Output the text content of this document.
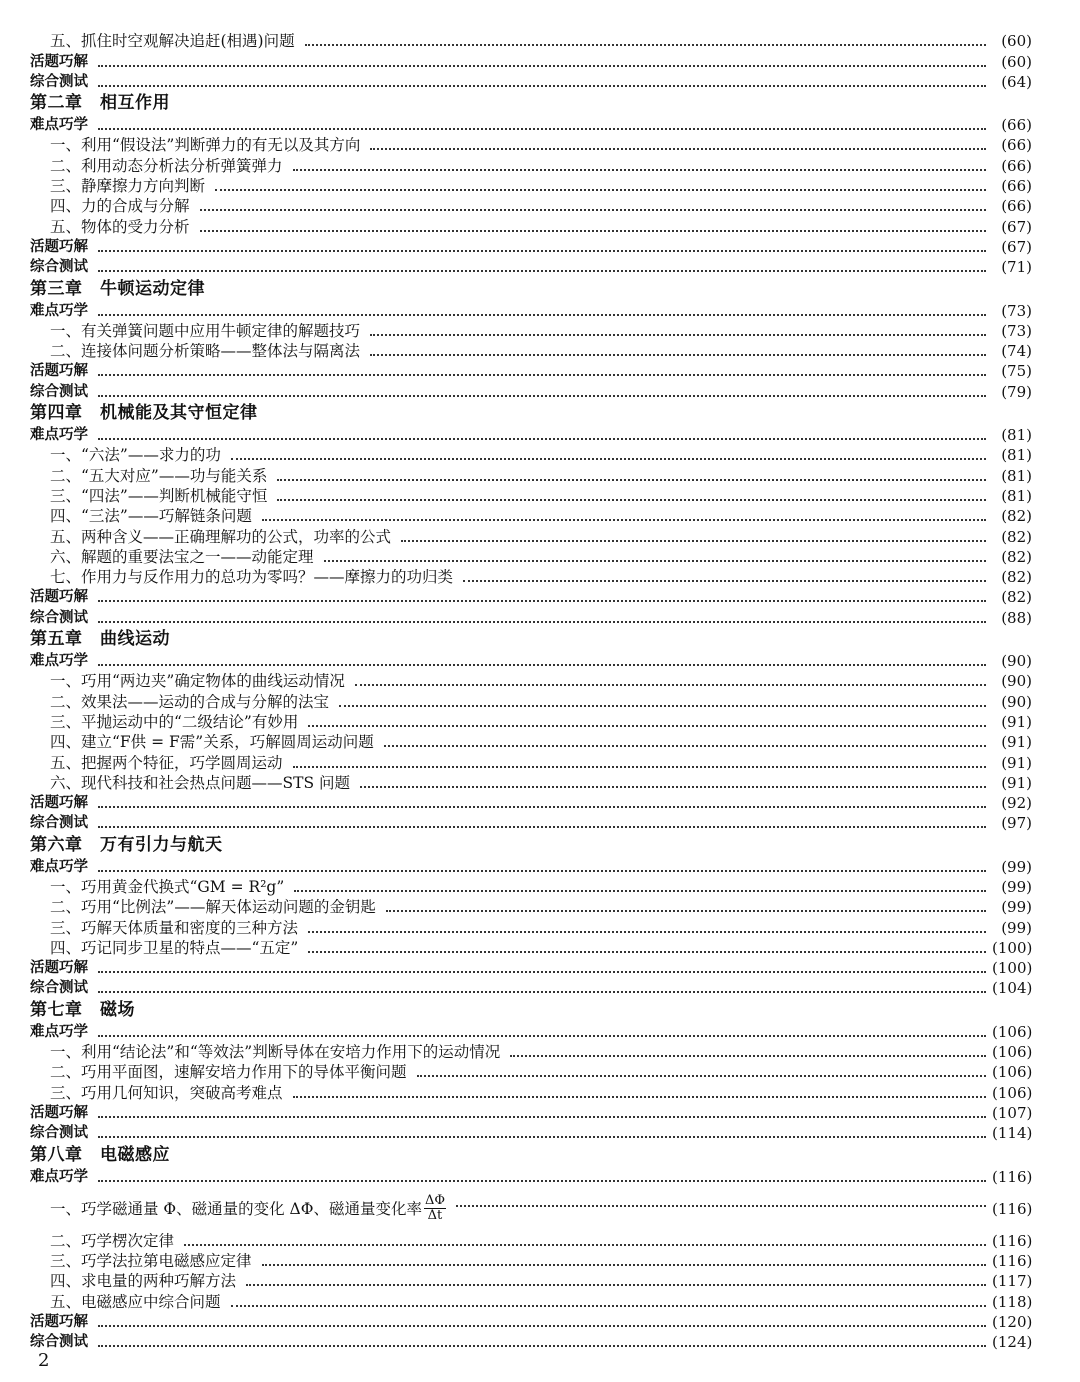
五、抓住时空观解决追赶(相遇)问题	(60)
活题巧解	(60)
综合测试	(64)
第二章　相互作用
难点巧学	(66)
一、利用“假设法”判断弹力的有无以及其方向	(66)
二、利用动态分析法分析弹簧弹力	(66)
三、静摩擦力方向判断	(66)
四、力的合成与分解	(66)
五、物体的受力分析	(67)
活题巧解	(67)
综合测试	(71)
第三章　牛顿运动定律
难点巧学	(73)
一、有关弹簧问题中应用牛顿定律的解题技巧	(73)
二、连接体问题分析策略——整体法与隔离法	(74)
活题巧解	(75)
综合测试	(79)
第四章　机械能及其守恒定律
难点巧学	(81)
一、“六法”——求力的功	(81)
二、“五大对应”——功与能关系	(81)
三、“四法”——判断机械能守恒	(81)
四、“三法”——巧解链条问题	(82)
五、两种含义——正确理解功的公式，功率的公式	(82)
六、解题的重要法宝之一——动能定理	(82)
七、作用力与反作用力的总功为零吗？——摩擦力的功归类	(82)
活题巧解	(82)
综合测试	(88)
第五章　曲线运动
难点巧学	(90)
一、巧用“两边夹”确定物体的曲线运动情况	(90)
二、效果法——运动的合成与分解的法宝	(90)
三、平抛运动中的“二级结论”有妙用	(91)
四、建立“F供 = F需”关系，巧解圆周运动问题	(91)
五、把握两个特征，巧学圆周运动	(91)
六、现代科技和社会热点问题——STS 问题	(91)
活题巧解	(92)
综合测试	(97)
第六章　万有引力与航天
难点巧学	(99)
一、巧用黄金代换式“GM = R²g”	(99)
二、巧用“比例法”——解天体运动问题的金钥匙	(99)
三、巧解天体质量和密度的三种方法	(99)
四、巧记同步卫星的特点——“五定”	(100)
活题巧解	(100)
综合测试	(104)
第七章　磁场
难点巧学	(106)
一、利用“结论法”和“等效法”判断导体在安培力作用下的运动情况	(106)
二、巧用平面图，速解安培力作用下的导体平衡问题	(106)
三、巧用几何知识，突破高考难点	(106)
活题巧解	(107)
综合测试	(114)
第八章　电磁感应
难点巧学	(116)
一、巧学磁通量 Φ、磁通量的变化 ΔΦ、磁通量变化率 $\frac{\Delta\Phi}{\Delta t}$	(116)
二、巧学楞次定律	(116)
三、巧学法拉第电磁感应定律	(116)
四、求电量的两种巧解方法	(117)
五、电磁感应中综合问题	(118)
活题巧解	(120)
综合测试	(124)
2
